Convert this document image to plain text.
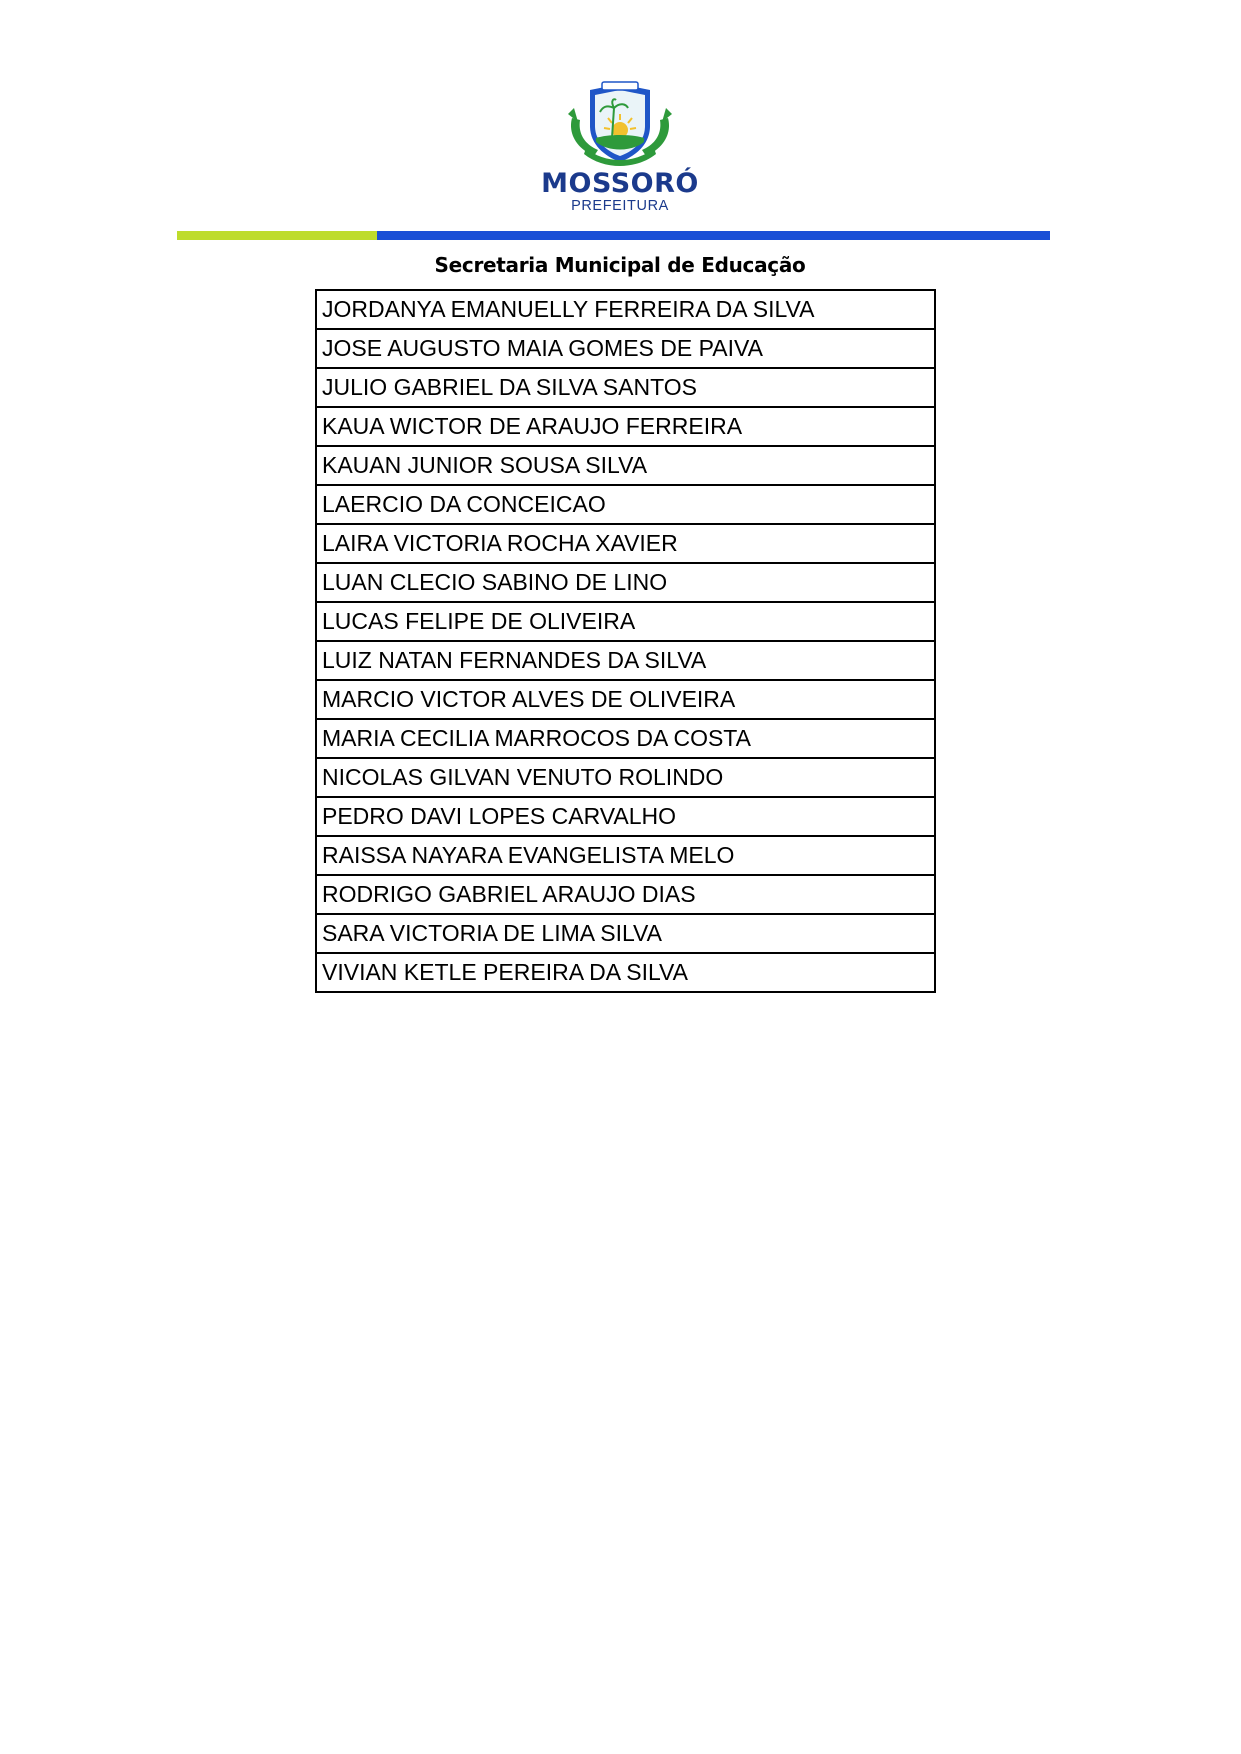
MOSSORÓ
PREFEITURA
Secretaria Municipal de Educação
JORDANYA EMANUELLY FERREIRA DA SILVA
JOSE AUGUSTO MAIA GOMES DE PAIVA
JULIO GABRIEL DA SILVA SANTOS
KAUA WICTOR DE ARAUJO FERREIRA
KAUAN JUNIOR SOUSA SILVA
LAERCIO DA CONCEICAO
LAIRA VICTORIA ROCHA XAVIER
LUAN CLECIO SABINO DE LINO
LUCAS FELIPE DE OLIVEIRA
LUIZ NATAN FERNANDES DA SILVA
MARCIO VICTOR ALVES DE OLIVEIRA
MARIA CECILIA MARROCOS DA COSTA
NICOLAS GILVAN VENUTO ROLINDO
PEDRO DAVI LOPES CARVALHO
RAISSA NAYARA EVANGELISTA MELO
RODRIGO GABRIEL ARAUJO DIAS
SARA VICTORIA DE LIMA SILVA
VIVIAN KETLE PEREIRA DA SILVA
